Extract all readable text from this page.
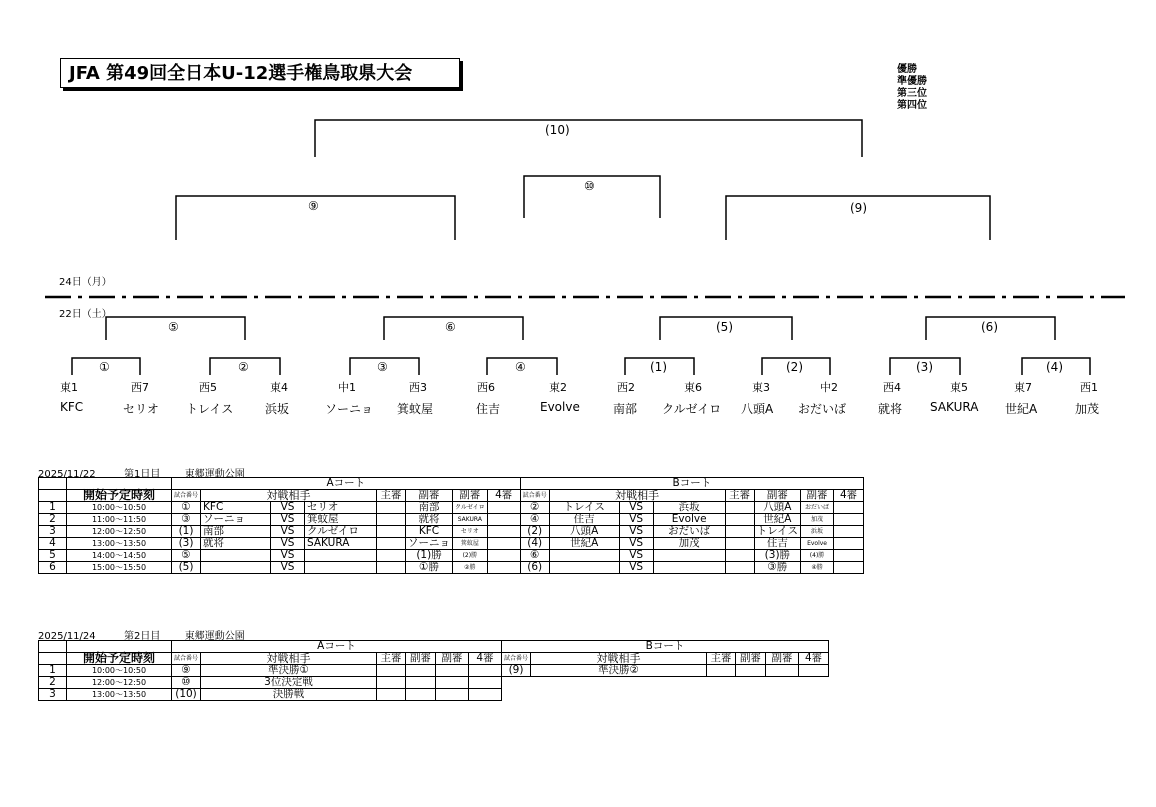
JFA 第49回全日本U-12選手権鳥取県大会	優勝
準優勝
第三位
第四位
(10)
⑩
⑨	(9)
24日（月）
22日（土）
⑤	⑥	(5)	(6)
①	②	③	④	(1)	(2)	(3)	(4)
東1	西7	西5	東4	中1	西3	西6	東2	西2	東6	東3	中2	西4	東5	東7	西1
KFC	セリオ トレイス	浜坂	ソーニョ 箕蚊屋	住吉	Evolve	南部 クルゼイロ 八頭A おだいば	就将 SAKURA 世紀A	加茂
2025/11/22	第1日目 東郷運動公園
		Aコート								Bコート							
	開始予定時刻	試合番号	対戦相手			主審	副審	副審	4審	試合番号	対戦相手			主審	副審	副審	4審
1	10:00～10:50	①	KFC	VS	セリオ		南部	クルゼイロ		②	トレイス	VS	浜坂		八頭A	おだいば	
2	11:00～11:50	③	ソーニョ	VS	箕蚊屋		就将	SAKURA		④	住吉	VS	Evolve		世紀A	加茂	
3	12:00～12:50	(1)	南部	VS	クルゼイロ		KFC	セリオ		(2)	八頭A	VS	おだいば		トレイス	浜坂	
4	13:00～13:50	(3)	就将	VS	SAKURA		ソーニョ	箕蚊屋		(4)	世紀A	VS	加茂		住吉	Evolve	
5	14:00～14:50	⑤		VS			(1)勝	(2)勝		⑥		VS			(3)勝	(4)勝	
6	15:00～15:50	(5)		VS			①勝	②勝		(6)		VS			③勝	④勝	
2025/11/24	第2日目 東郷運動公園
		Aコート						Bコート					
	開始予定時刻	試合番号	対戦相手	主審	副審	副審	4審	試合番号	対戦相手	主審	副審	副審	4審
1	10:00～10:50	⑨	準決勝①					(9)	準決勝②				
2	12:00～12:50	⑩	3位決定戦										
3	13:00～13:50	(10)	決勝戦										
